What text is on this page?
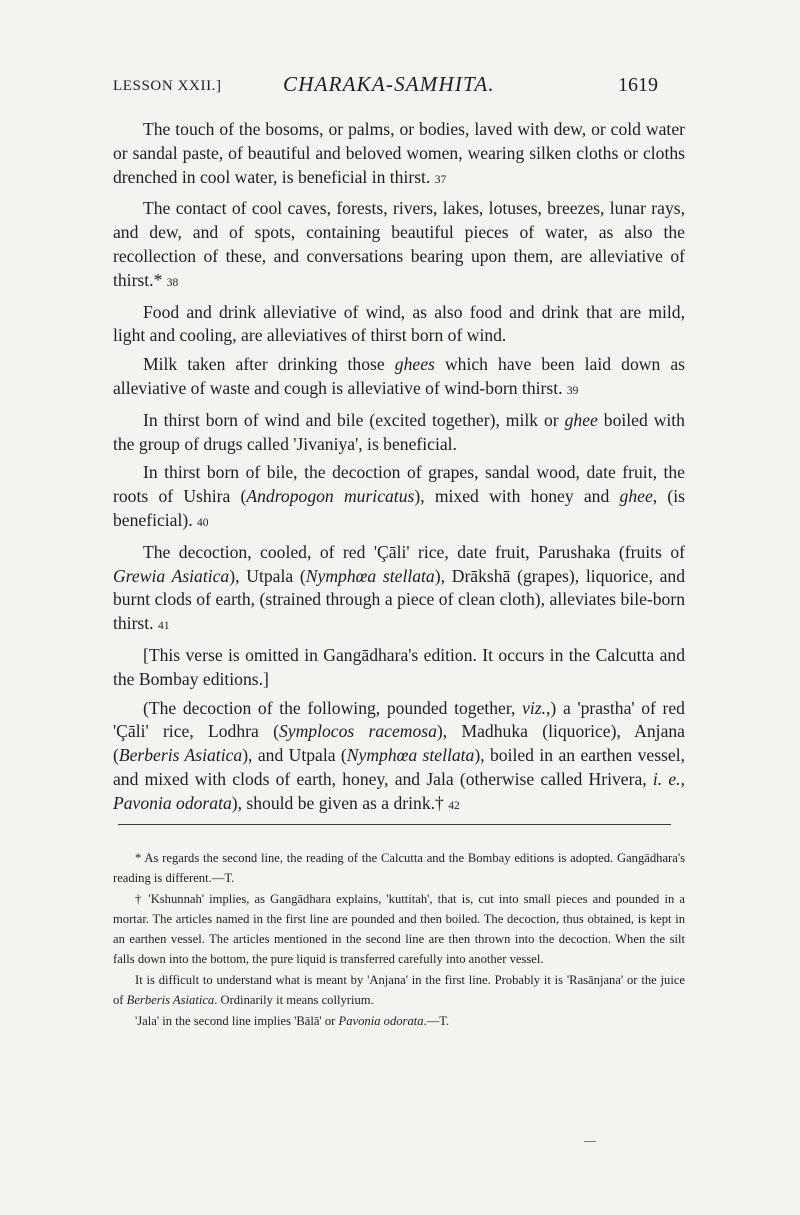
LESSON XXII.]	CHARAKA-SAMHITA.	1619

The touch of the bosoms, or palms, or bodies, laved with dew, or cold water or sandal paste, of beautiful and beloved women, wearing silken cloths or cloths drenched in cool water, is beneficial in thirst. 37

The contact of cool caves, forests, rivers, lakes, lotuses, breezes, lunar rays, and dew, and of spots, containing beautiful pieces of water, as also the recollection of these, and conversations bearing upon them, are alleviative of thirst.* 38

Food and drink alleviative of wind, as also food and drink that are mild, light and cooling, are alleviatives of thirst born of wind.

Milk taken after drinking those ghees which have been laid down as alleviative of waste and cough is alleviative of wind-born thirst. 39

In thirst born of wind and bile (excited together), milk or ghee boiled with the group of drugs called 'Jivaniya', is beneficial.

In thirst born of bile, the decoction of grapes, sandal wood, date fruit, the roots of Ushira (Andropogon muricatus), mixed with honey and ghee, (is beneficial). 40

The decoction, cooled, of red 'Çāli' rice, date fruit, Parushaka (fruits of Grewia Asiatica), Utpala (Nymphœa stellata), Drākshā (grapes), liquorice, and burnt clods of earth, (strained through a piece of clean cloth), alleviates bile-born thirst. 41

[This verse is omitted in Gangādhara's edition. It occurs in the Calcutta and the Bombay editions.]

(The decoction of the following, pounded together, viz.,) a 'prastha' of red 'Çāli' rice, Lodhra (Symplocos racemosa), Madhuka (liquorice), Anjana (Berberis Asiatica), and Utpala (Nymphœa stellata), boiled in an earthen vessel, and mixed with clods of earth, honey, and Jala (otherwise called Hrivera, i. e., Pavonia odorata), should be given as a drink.† 42

* As regards the second line, the reading of the Calcutta and the Bombay editions is adopted. Gangādhara's reading is different.—T.

† 'Kshunnah' implies, as Gangādhara explains, 'kuttitah', that is, cut into small pieces and pounded in a mortar. The articles named in the first line are pounded and then boiled. The decoction, thus obtained, is kept in an earthen vessel. The articles mentioned in the second line are then thrown into the decoction. When the silt falls down into the bottom, the pure liquid is transferred carefully into another vessel.

It is difficult to understand what is meant by 'Anjana' in the first line. Probably it is 'Rasānjana' or the juice of Berberis Asiatica. Ordinarily it means collyrium.

'Jala' in the second line implies 'Bālā' or Pavonia odorata.—T.
